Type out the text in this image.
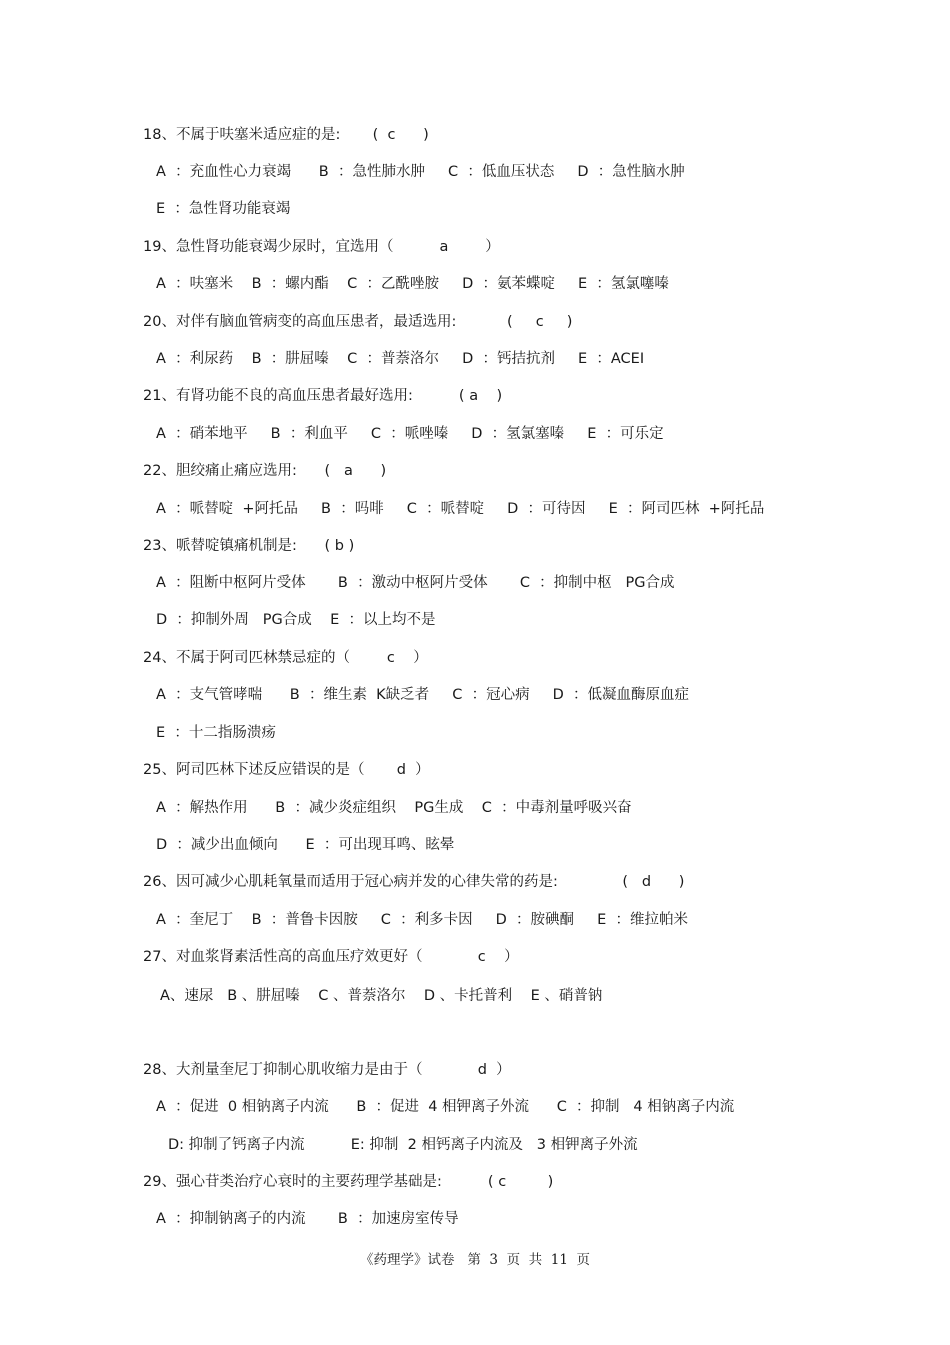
18、不属于呋塞米适应症的是:       (  c      )
A  ：充血性心力衰竭      B  ：急性肺水肿     C  ：低血压状态     D  ：急性脑水肿
E  ：急性肾功能衰竭
19、急性肾功能衰竭少尿时，宜选用（          a        ）
A  ：呋塞米    B  ：螺内酯    C  ：乙酰唑胺     D  ：氨苯蝶啶     E  ：氢氯噻嗪
20、对伴有脑血管病变的高血压患者，最适选用:           (     c     )
A  ：利尿药    B  ：肼屈嗪    C  ：普萘洛尔     D  ：钙拮抗剂     E  ：ACEI
21、有肾功能不良的高血压患者最好选用:          ( a    )
A  ：硝苯地平     B  ：利血平     C  ：哌唑嗪     D  ：氢氯塞嗪     E  ：可乐定
22、胆绞痛止痛应选用:      (   a      )
A  ：哌替啶  +阿托品     B  ：吗啡     C  ：哌替啶     D  ：可待因     E  ：阿司匹林  +阿托品
23、哌替啶镇痛机制是:      ( b )
A  ：阻断中枢阿片受体       B  ：激动中枢阿片受体       C  ：抑制中枢   PG合成
D  ：抑制外周   PG合成    E  ：以上均不是
24、不属于阿司匹林禁忌症的（        c    ）
A  ：支气管哮喘      B  ：维生素  K缺乏者     C  ：冠心病     D  ：低凝血酶原血症
E  ：十二指肠溃疡
25、阿司匹林下述反应错误的是（       d  ）
A  ：解热作用      B  ：减少炎症组织    PG生成    C  ：中毒剂量呼吸兴奋
D  ：减少出血倾向      E  ：可出现耳鸣、眩晕
26、因可减少心肌耗氧量而适用于冠心病并发的心律失常的药是:              (   d      )
A  ：奎尼丁    B  ：普鲁卡因胺     C  ：利多卡因     D  ：胺碘酮     E  ：维拉帕米
27、对血浆肾素活性高的高血压疗效更好（            c    ）
A、速尿   B 、肼屈嗪    C 、普萘洛尔    D 、卡托普利    E 、硝普钠
28、大剂量奎尼丁抑制心肌收缩力是由于（            d  ）
A  ：促进  0 相钠离子内流      B  ：促进  4 相钾离子外流      C  ：抑制   4 相钠离子内流
D: 抑制了钙离子内流          E: 抑制  2 相钙离子内流及   3 相钾离子外流
29、强心苷类治疗心衰时的主要药理学基础是:          ( c         )
A  ：抑制钠离子的内流       B  ：加速房室传导
《药理学》试卷   第  3  页  共  11  页
